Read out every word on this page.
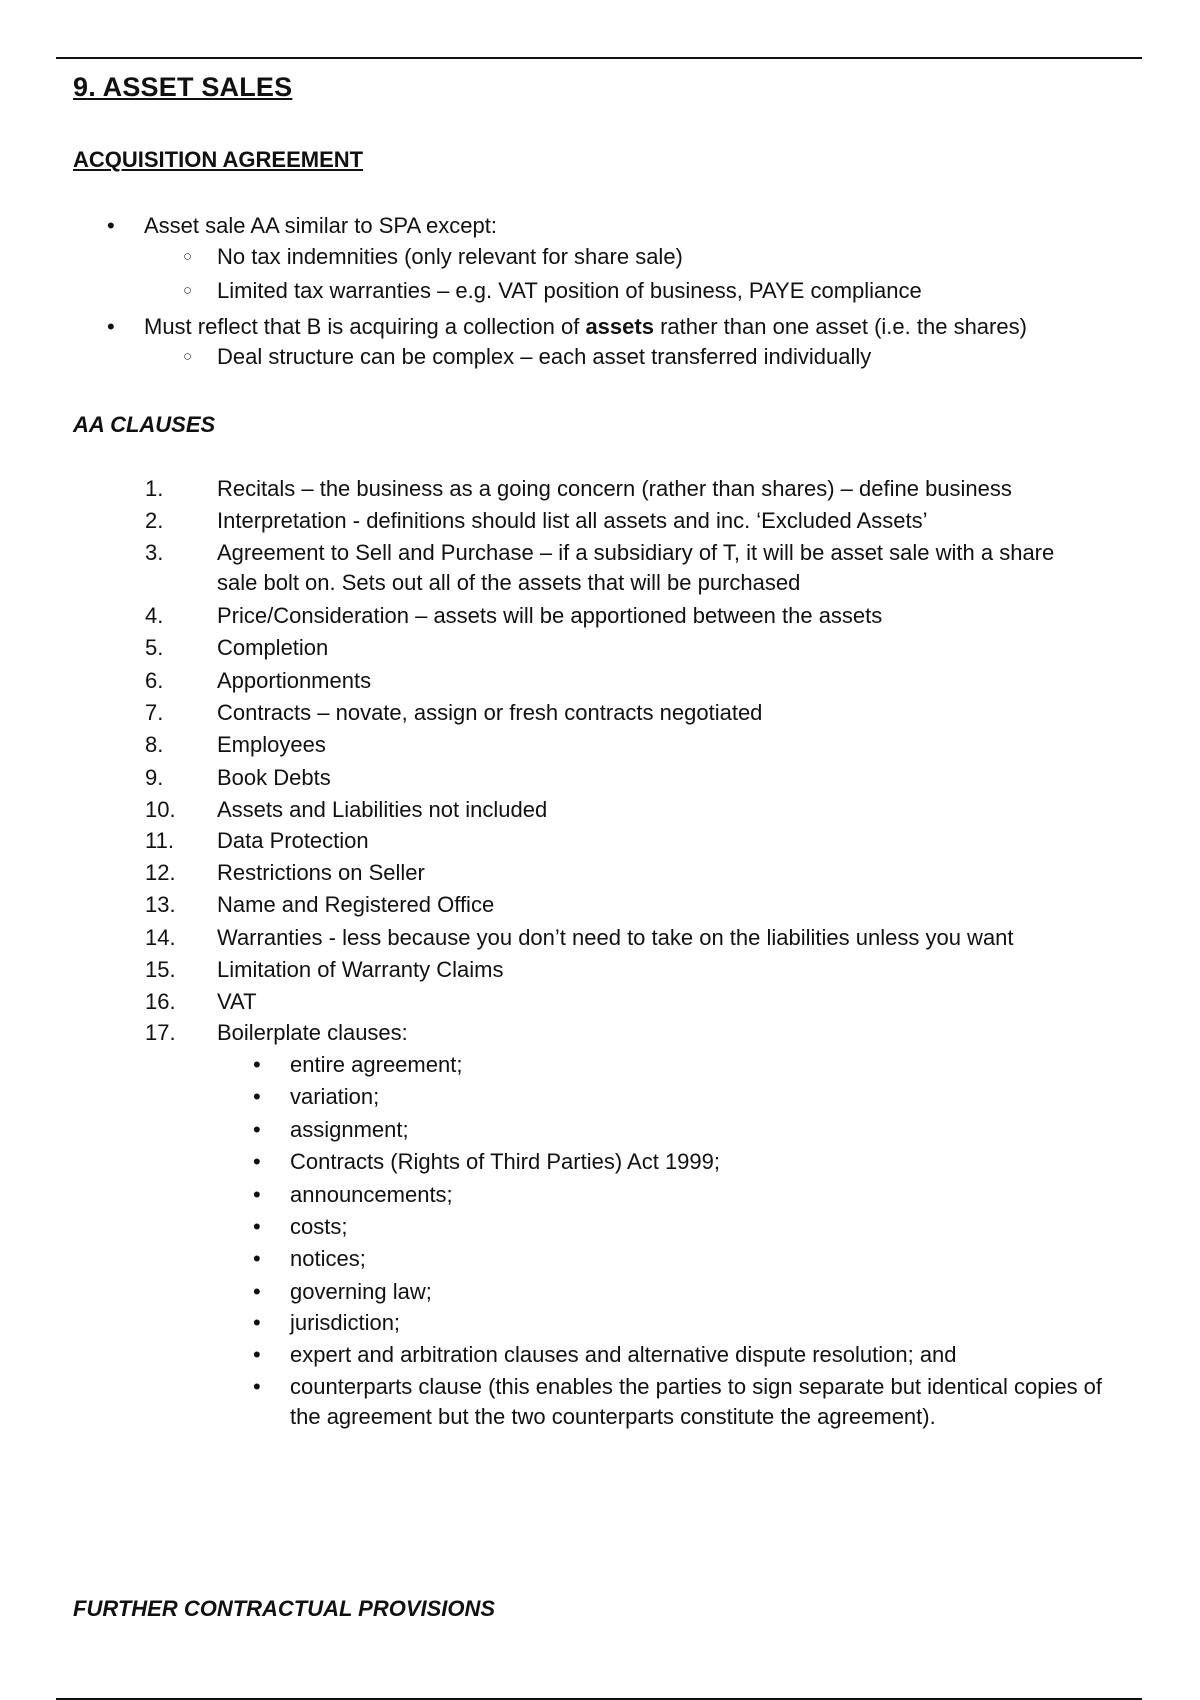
9. ASSET SALES
ACQUISITION AGREEMENT
• Asset sale AA similar to SPA except:
○ No tax indemnities (only relevant for share sale)
○ Limited tax warranties – e.g. VAT position of business, PAYE compliance
• Must reflect that B is acquiring a collection of assets rather than one asset (i.e. the shares)
○ Deal structure can be complex – each asset transferred individually
AA CLAUSES
1. Recitals – the business as a going concern (rather than shares) – define business
2. Interpretation - definitions should list all assets and inc. ‘Excluded Assets’
3. Agreement to Sell and Purchase – if a subsidiary of T, it will be asset sale with a share sale bolt on. Sets out all of the assets that will be purchased
4. Price/Consideration – assets will be apportioned between the assets
5. Completion
6. Apportionments
7. Contracts – novate, assign or fresh contracts negotiated
8. Employees
9. Book Debts
10. Assets and Liabilities not included
11. Data Protection
12. Restrictions on Seller
13. Name and Registered Office
14. Warranties - less because you don’t need to take on the liabilities unless you want
15. Limitation of Warranty Claims
16. VAT
17. Boilerplate clauses:
• entire agreement;
• variation;
• assignment;
• Contracts (Rights of Third Parties) Act 1999;
• announcements;
• costs;
• notices;
• governing law;
• jurisdiction;
• expert and arbitration clauses and alternative dispute resolution; and
• counterparts clause (this enables the parties to sign separate but identical copies of the agreement but the two counterparts constitute the agreement).
FURTHER CONTRACTUAL PROVISIONS
